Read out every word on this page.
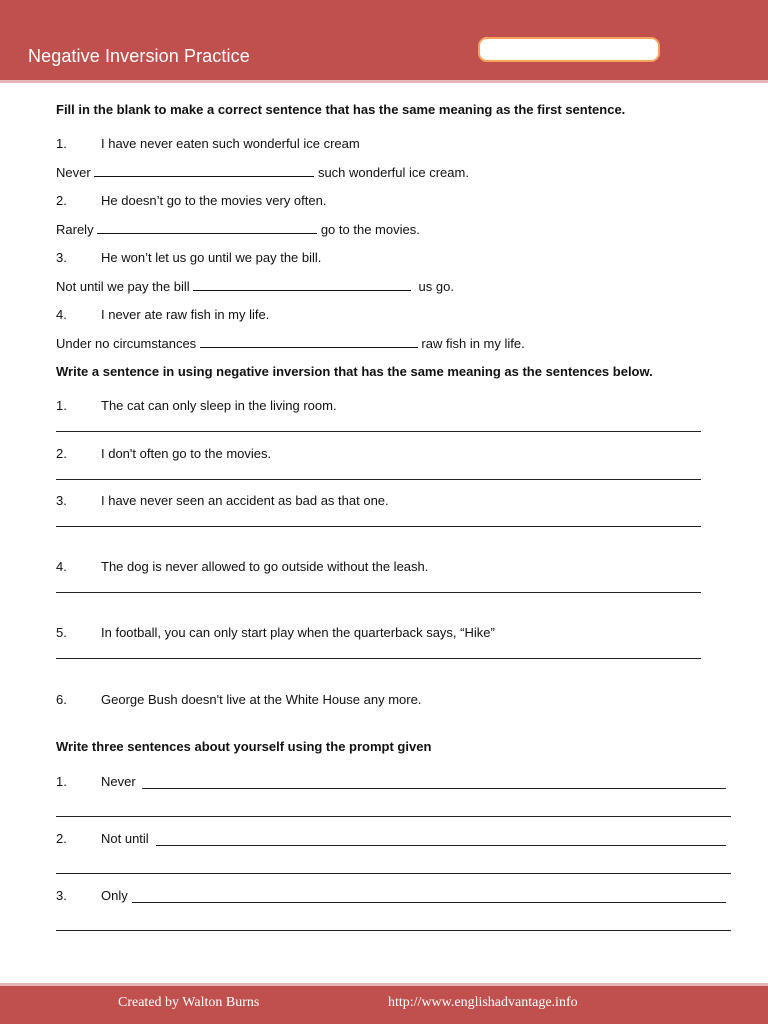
Negative Inversion Practice
Fill in the blank to make a correct sentence that has the same meaning as the first sentence.
1.	I have never eaten such wonderful ice cream
Never	such wonderful ice cream.
2.	He doesn’t go to the movies very often.
Rarely	go to the movies.
3.	He won’t let us go until we pay the bill.
Not until we pay the bill	us go.
4.	I never ate raw fish in my life.
Under no circumstances	raw fish in my life.
Write a sentence in using negative inversion that has the same meaning as the sentences below.
1.	The cat can only sleep in the living room.
2.	I don't often go to the movies.
3.	I have never seen an accident as bad as that one.
4.	The dog is never allowed to go outside without the leash.
5.	In football, you can only start play when the quarterback says, “Hike”
6.	George Bush doesn't live at the White House any more.
Write three sentences about yourself using the prompt given
1.	Never
2.	Not until
3.	Only
Created by Walton Burns	http://www.englishadvantage.info
